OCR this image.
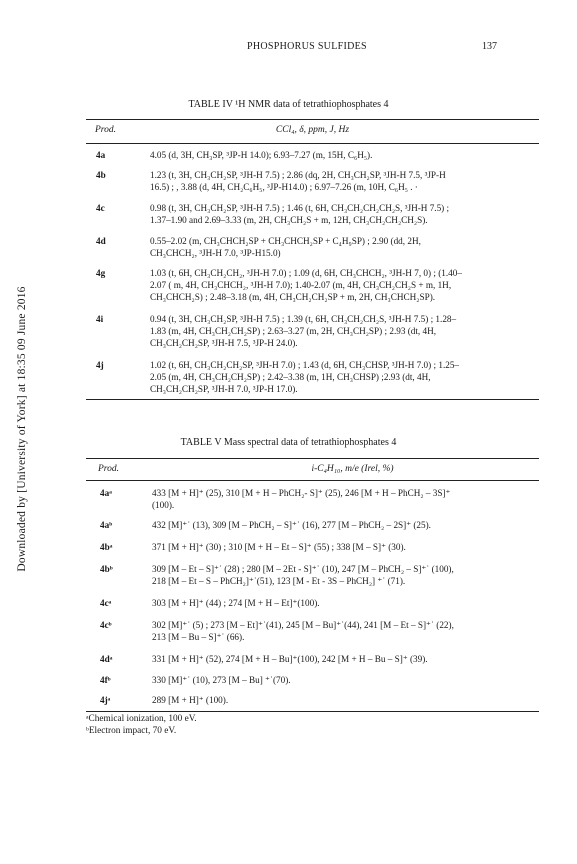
Downloaded by [University of York] at 18:35 09 June 2016
PHOSPHORUS SULFIDES	137
TABLE IV ¹H NMR data of tetrathiophosphates 4
Prod.	CCl₄, δ, ppm, J, Hz
4a	4.05 (d, 3H, CH₃SP, ³JP-H 14.0); 6.93–7.27 (m, 15H, C₆H₅).
4b	1.23 (t, 3H, CH₃CH₂SP, ³JH-H 7.5) ; 2.86 (dq, 2H, CH₃CH₂SP, ³JH-H 7.5, ³JP-H
16.5) ; , 3.88 (d, 4H, CH₂C₆H₅, ³JP-H14.0) ; 6.97–7.26 (m, 10H, C₆H₅ . ·
4c	0.98 (t, 3H, CH₃CH₂SP, ³JH-H 7.5) ; 1.46 (t, 6H, CH₃CH₂CH₂CH₂S, ³JH-H 7.5) ;
1.37–1.90 and 2.69–3.33 (m, 2H, CH₃CH₂S + m, 12H, CH₃CH₂CH₂CH₂S).
4d	0.55–2.02 (m, CH₃CHCH₂SP + CH₃CHCH₂SP + C₄H₉SP) ; 2.90 (dd, 2H,
CH₃CHCH₂, ³JH-H 7.0, ³JP-H15.0)
4g	1.03 (t, 6H, CH₃CH₂CH₂, ³JH-H 7.0) ; 1.09 (d, 6H, CH₃CHCH₂, ³JH-H 7, 0) ; (1.40–
2.07 ( m, 4H, CH₃CHCH₂, ³JH-H 7.0); 1.40-2.07 (m, 4H, CH₃CH₂CH₂S + m, 1H,
CH₃CHCH₂S) ; 2.48–3.18 (m, 4H, CH₃CH₂CH₂SP + m, 2H, CH₃CHCH₂SP).
4i	0.94 (t, 3H, CH₃CH₂SP, ³JH-H 7.5) ; 1.39 (t, 6H, CH₃CH₂CH₂S, ³JH-H 7.5) ; 1.28–
1.83 (m, 4H, CH₃CH₂CH₂SP) ; 2.63–3.27 (m, 2H, CH₃CH₂SP) ; 2.93 (dt, 4H,
CH₃CH₂CH₂SP, ³JH-H 7.5, ³JP-H 24.0).
4j	1.02 (t, 6H, CH₃CH₂CH₂SP, ³JH-H 7.0) ; 1.43 (d, 6H, CH₃CHSP, ³JH-H 7.0) ; 1.25–
2.05 (m, 4H, CH₃CH₂CH₂SP) ; 2.42–3.38 (m, 1H, CH₃CHSP) ;2.93 (dt, 4H,
CH₃CH₂CH₂SP, ³JH-H 7.0, ³JP-H 17.0).
TABLE V Mass spectral data of tetrathiophosphates 4
Prod.	i-C₄H₁₀, m/e (Irel, %)
4aᵃ	433 [M + H]⁺ (25), 310 [M + H – PhCH₂- S]⁺ (25), 246 [M + H – PhCH₂ – 3S]⁺
(100).
4aᵇ	432 [M]⁺˙ (13), 309 [M – PhCH₂ – S]⁺˙ (16), 277 [M – PhCH₂ – 2S]⁺ (25).
4bᵃ	371 [M + H]⁺ (30) ; 310 [M + H – Et – S]⁺ (55) ; 338 [M – S]⁺ (30).
4bᵇ	309 [M – Et – S]⁺˙ (28) ; 280 [M – 2Et - S]⁺˙ (10), 247 [M – PhCH₂ – S]⁺˙ (100),
218 [M – Et – S – PhCH₂]⁺˙(51), 123 [M - Et - 3S – PhCH₂] ⁺˙ (71).
4cᵃ	303 [M + H]⁺ (44) ; 274 [M + H – Et]⁺(100).
4cᵇ	302 [M]⁺˙ (5) ; 273 [M – Et]⁺˙(41), 245 [M – Bu]⁺˙(44), 241 [M – Et – S]⁺˙ (22),
213 [M – Bu – S]⁺˙ (66).
4dᵃ	331 [M + H]⁺ (52), 274 [M + H – Bu]⁺(100), 242 [M + H – Bu – S]⁺ (39).
4fᵇ	330 [M]⁺˙ (10), 273 [M – Bu] ⁺˙(70).
4jᵃ	289 [M + H]⁺ (100).
ᵃChemical ionization, 100 eV.
ᵇElectron impact, 70 eV.
